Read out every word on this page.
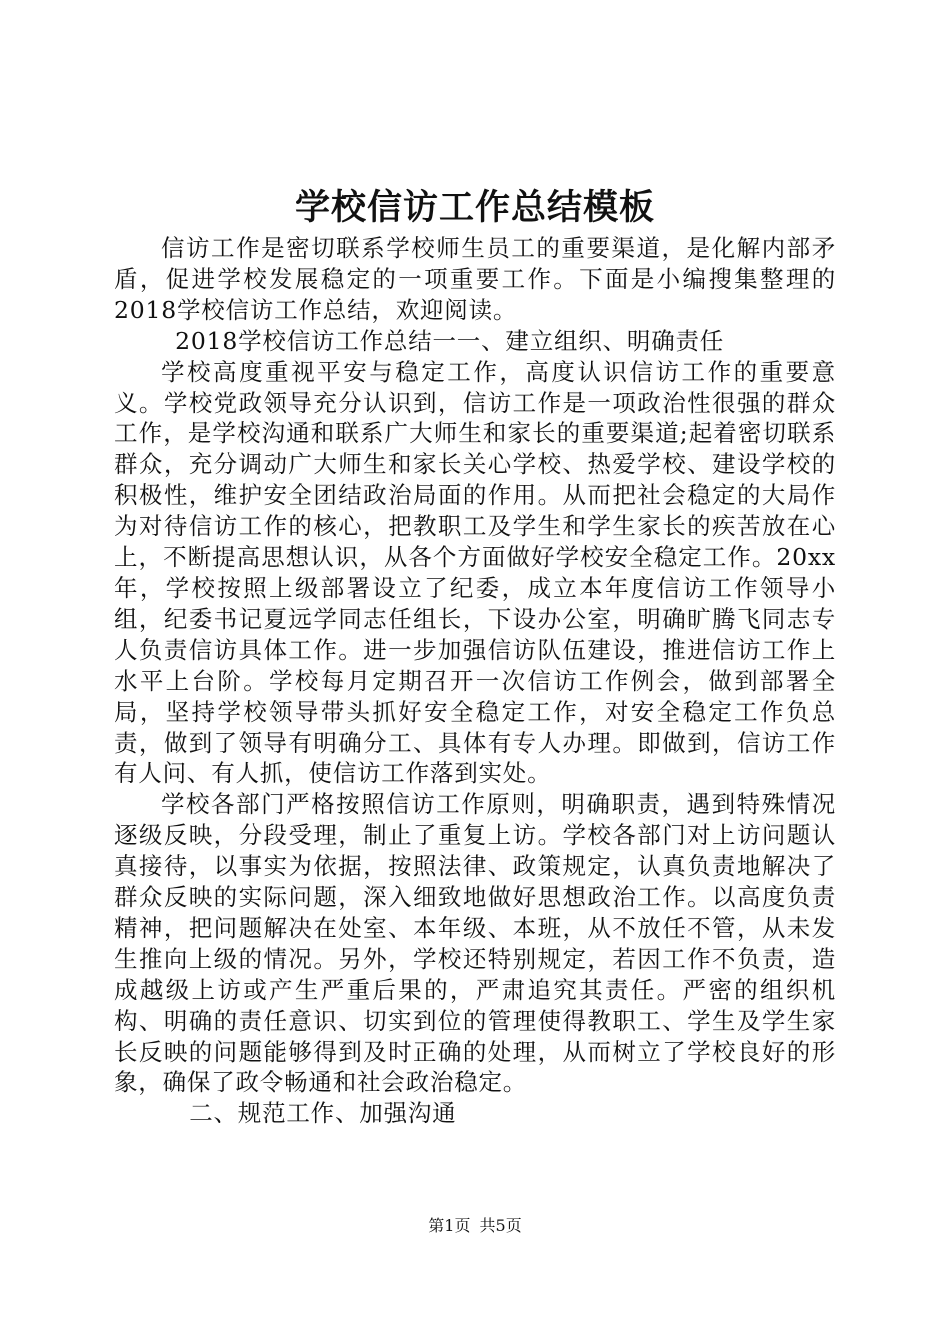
学校信访工作总结模板

信访工作是密切联系学校师生员工的重要渠道，是化解内部矛盾，促进学校发展稳定的一项重要工作。下面是小编搜集整理的2018学校信访工作总结，欢迎阅读。

2018学校信访工作总结一一、建立组织、明确责任

学校高度重视平安与稳定工作，高度认识信访工作的重要意义。学校党政领导充分认识到，信访工作是一项政治性很强的群众工作，是学校沟通和联系广大师生和家长的重要渠道;起着密切联系群众，充分调动广大师生和家长关心学校、热爱学校、建设学校的积极性，维护安全团结政治局面的作用。从而把社会稳定的大局作为对待信访工作的核心，把教职工及学生和学生家长的疾苦放在心上，不断提高思想认识，从各个方面做好学校安全稳定工作。20xx年，学校按照上级部署设立了纪委，成立本年度信访工作领导小组，纪委书记夏远学同志任组长，下设办公室，明确旷腾飞同志专人负责信访具体工作。进一步加强信访队伍建设，推进信访工作上水平上台阶。学校每月定期召开一次信访工作例会，做到部署全局，坚持学校领导带头抓好安全稳定工作，对安全稳定工作负总责，做到了领导有明确分工、具体有专人办理。即做到，信访工作有人问、有人抓，使信访工作落到实处。

学校各部门严格按照信访工作原则，明确职责，遇到特殊情况逐级反映，分段受理，制止了重复上访。学校各部门对上访问题认真接待，以事实为依据，按照法律、政策规定，认真负责地解决了群众反映的实际问题，深入细致地做好思想政治工作。以高度负责精神，把问题解决在处室、本年级、本班，从不放任不管，从未发生推向上级的情况。另外，学校还特别规定，若因工作不负责，造成越级上访或产生严重后果的，严肃追究其责任。严密的组织机构、明确的责任意识、切实到位的管理使得教职工、学生及学生家长反映的问题能够得到及时正确的处理，从而树立了学校良好的形象，确保了政令畅通和社会政治稳定。

二、规范工作、加强沟通

第1页 共5页
